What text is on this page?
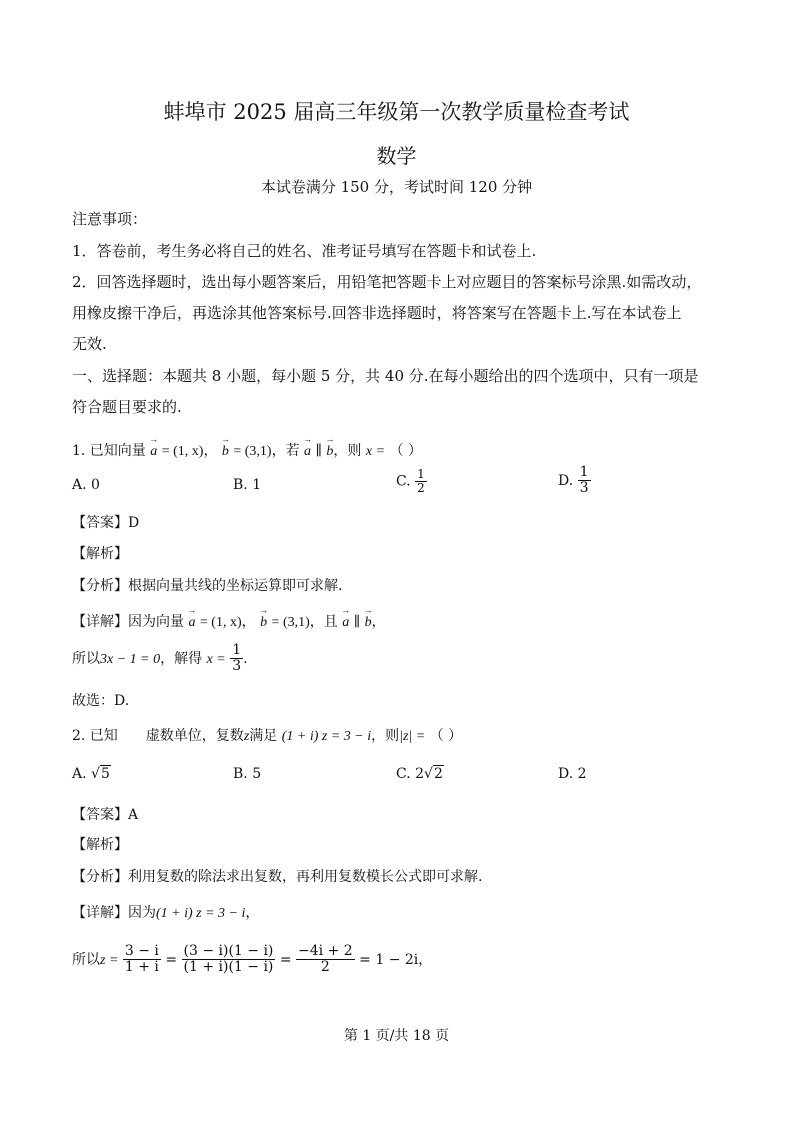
蚌埠市 2025 届高三年级第一次教学质量检查考试
数学
本试卷满分 150 分，考试时间 120 分钟
注意事项：
1．答卷前，考生务必将自己的姓名、准考证号填写在答题卡和试卷上.
2．回答选择题时，选出每小题答案后，用铅笔把答题卡上对应题目的答案标号涂黑.如需改动，
用橡皮擦干净后，再选涂其他答案标号.回答非选择题时，将答案写在答题卡上.写在本试卷上
无效.
一、选择题：本题共 8 小题，每小题 5 分，共 40 分.在每小题给出的四个选项中，只有一项是
符合题目要求的.
1. 已知向量 → a = (1, x)， → b = (3,1)，若 → a ∥ → b，则 x = （ ）
A. 0	B. 1	C. $\frac{1}{2}$	D. $\frac{1}{3}$
【答案】D
【解析】
【分析】根据向量共线的坐标运算即可求解.
【详解】因为向量 → a = (1, x)， → b = (3,1)，且 → a ∥ → b，
所以3x − 1 = 0，解得 $x = \frac{1}{3}$ .
故选：D.
2. 已知 虚数单位，复数z满足 (1 + i) z = 3 − i，则|z| = （ ）
A. √5	B. 5	C. 2√2	D. 2
【答案】A
【解析】
【分析】利用复数的除法求出复数，再利用复数模长公式即可求解.
【详解】因为(1 + i) z = 3 − i，
所以$z = \frac{3 - i}{1 + i} = \frac{(3 - i)(1 - i)}{(1 + i)(1 - i)} = \frac{-4i + 2}{2} = 1 - 2i$，
第 1 页/共 18 页
